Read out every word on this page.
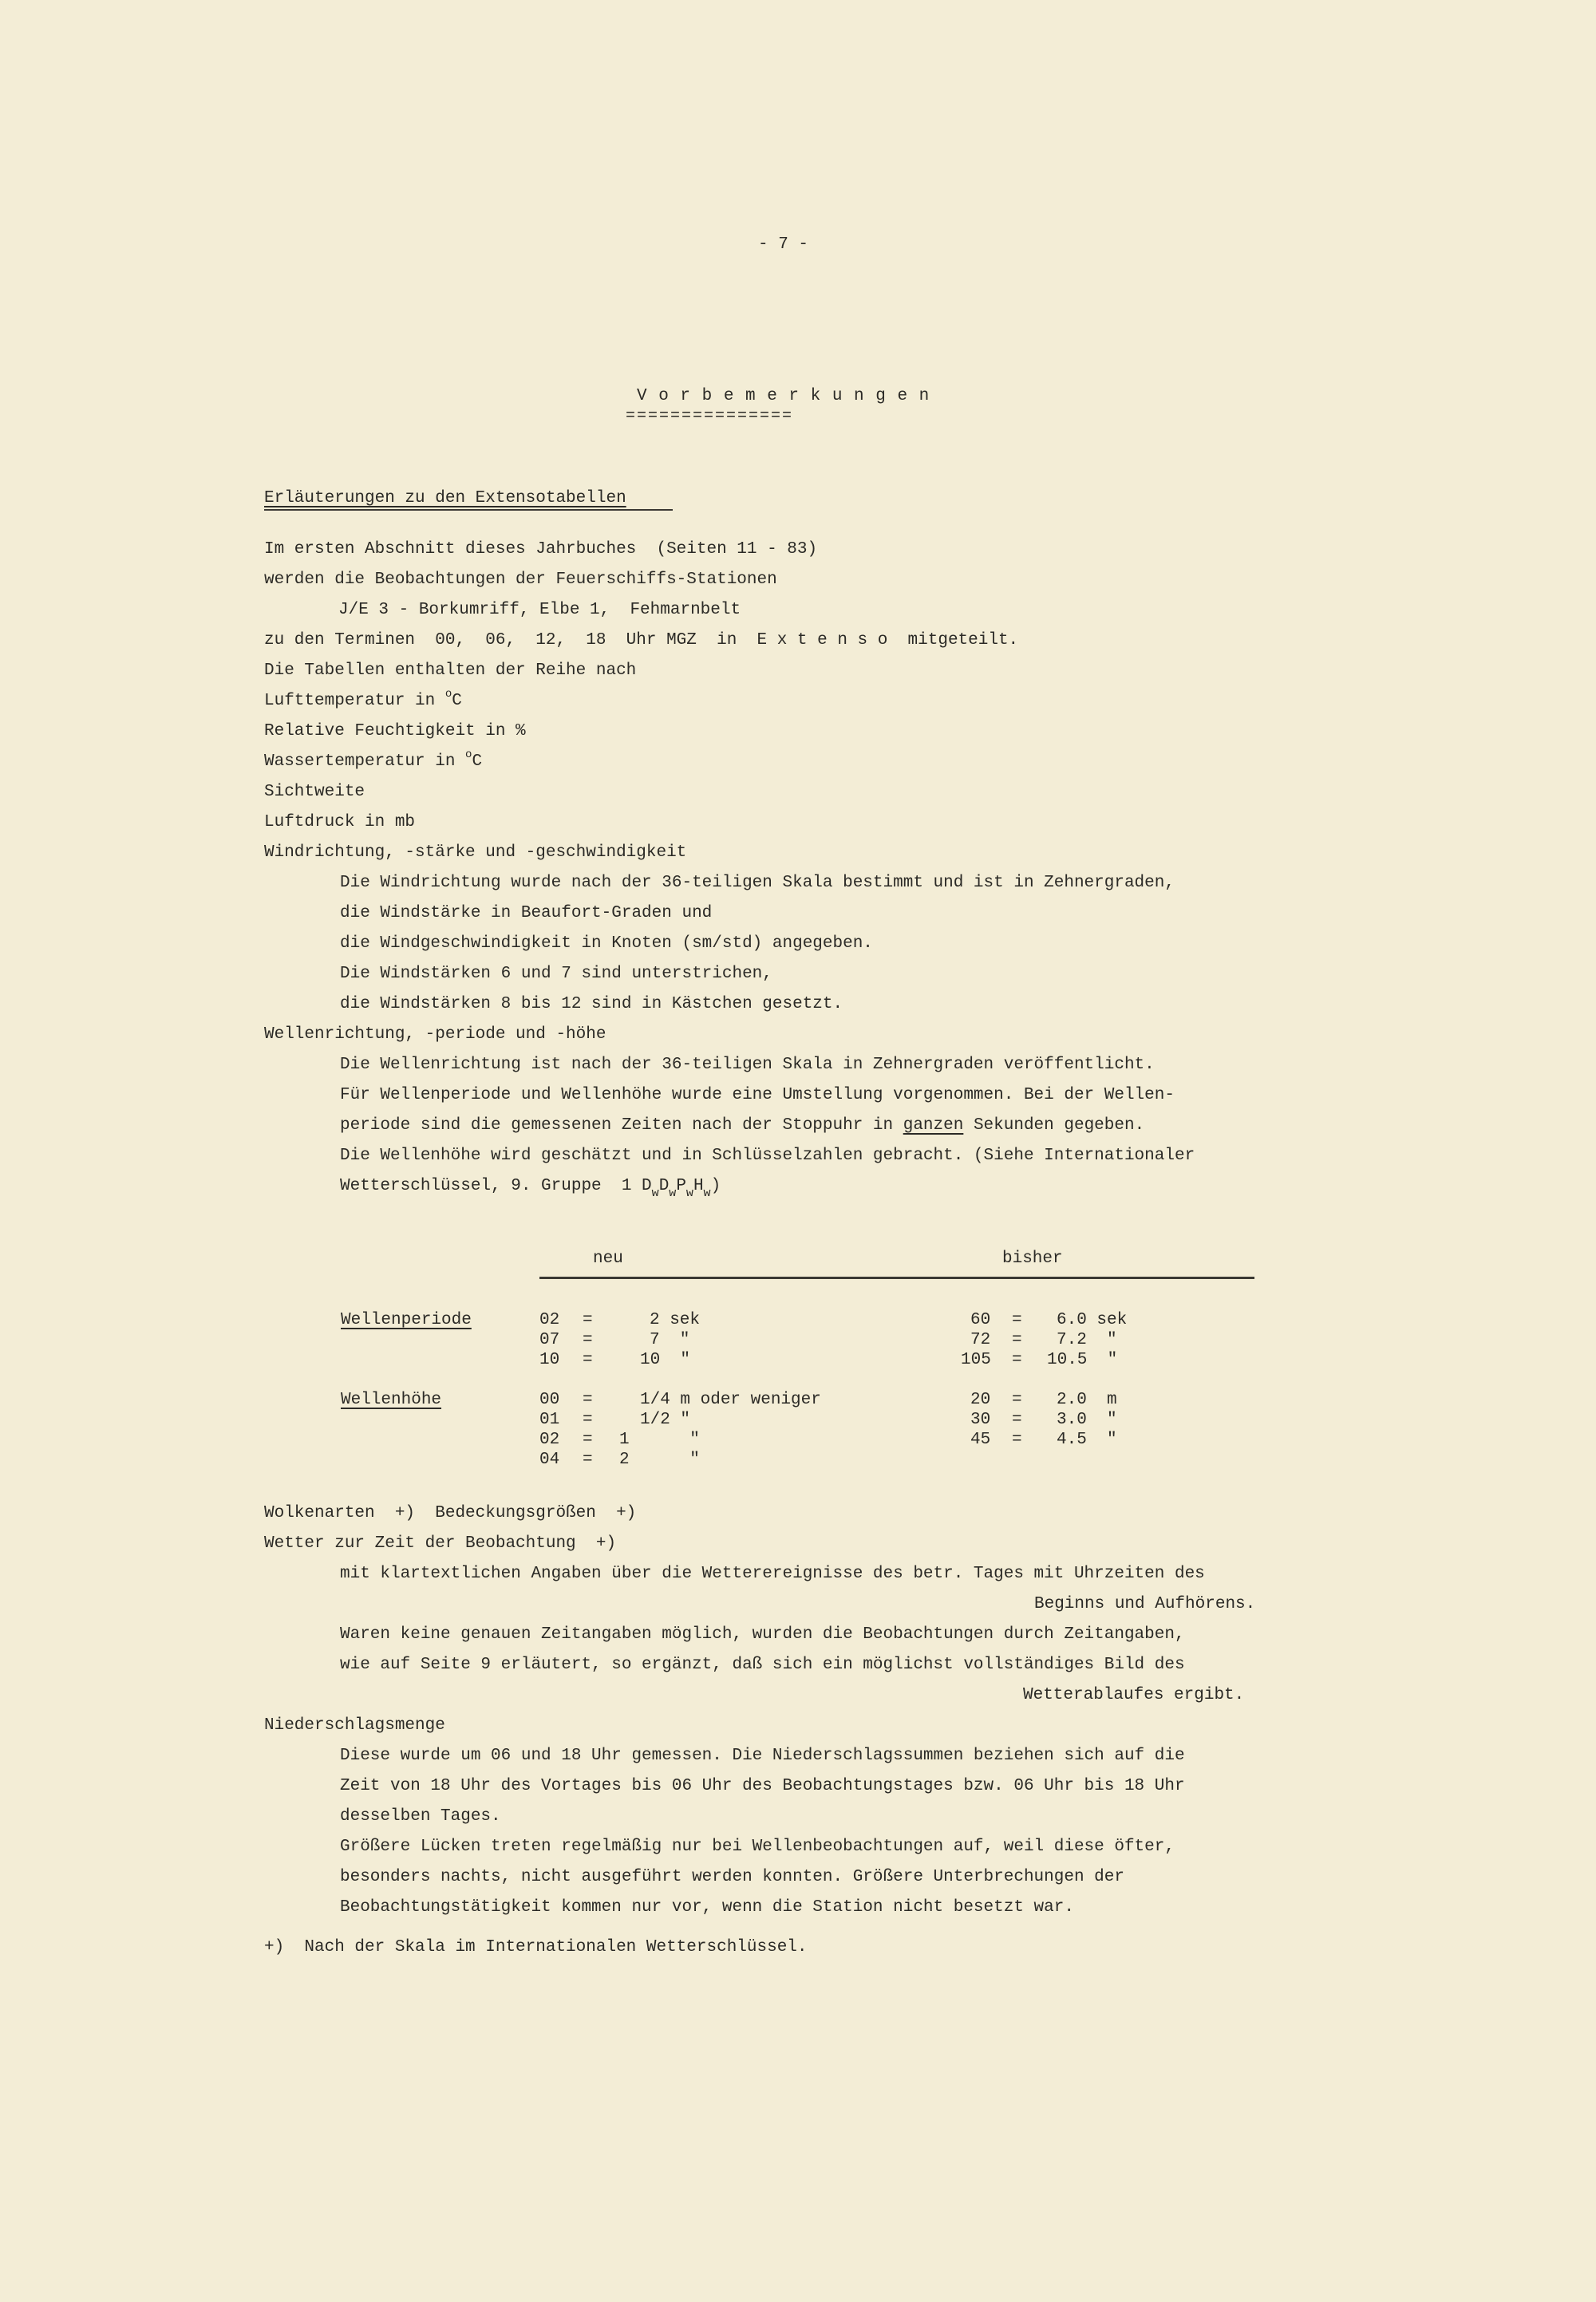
- 7 -
V o r b e m e r k u n g e n
===============
Erläuterungen zu den Extensotabellen
Im ersten Abschnitt dieses Jahrbuches  (Seiten 11 - 83)
werden die Beobachtungen der Feuerschiffs-Stationen
J/E 3 - Borkumriff, Elbe 1,  Fehmarnbelt
zu den Terminen  00,  06,  12,  18  Uhr MGZ  in  E x t e n s o  mitgeteilt.
Die Tabellen enthalten der Reihe nach
Lufttemperatur in $^o$C
Relative Feuchtigkeit in %
Wassertemperatur in $^o$C
Sichtweite
Luftdruck in mb
Windrichtung, -stärke und -geschwindigkeit
Die Windrichtung wurde nach der 36-teiligen Skala bestimmt und ist in Zehnergraden,
die Windstärke in Beaufort-Graden und
die Windgeschwindigkeit in Knoten (sm/std) angegeben.
Die Windstärken 6 und 7 sind unterstrichen,
die Windstärken 8 bis 12 sind in Kästchen gesetzt.
Wellenrichtung, -periode und -höhe
Die Wellenrichtung ist nach der 36-teiligen Skala in Zehnergraden veröffentlicht.
Für Wellenperiode und Wellenhöhe wurde eine Umstellung vorgenommen. Bei der Wellen-
periode sind die gemessenen Zeiten nach der Stoppuhr in ganzen Sekunden gegeben.
Die Wellenhöhe wird geschätzt und in Schlüsselzahlen gebracht. (Siehe Internationaler
Wetterschlüssel, 9. Gruppe  1 $D_wD_wP_wH_w$)
neu	bisher
Wellenperiode	02 =	2 sek	60 = 6.0 sek
07 =	7  "	72 = 7.2  "
10 =	10  "	105 = 10.5  "
Wellenhöhe	00 =	1/4 m oder weniger	20 = 2.0  m
01 =	1/2 "	30 = 3.0  "
02 = 1      "	45 = 4.5  "
04 = 2      "
Wolkenarten  +)  Bedeckungsgrößen  +)
Wetter zur Zeit der Beobachtung  +)
mit klartextlichen Angaben über die Wetterereignisse des betr. Tages mit Uhrzeiten des
Beginns und Aufhörens.
Waren keine genauen Zeitangaben möglich, wurden die Beobachtungen durch Zeitangaben,
wie auf Seite 9 erläutert, so ergänzt, daß sich ein möglichst vollständiges Bild des
Wetterablaufes ergibt.
Niederschlagsmenge
Diese wurde um 06 und 18 Uhr gemessen. Die Niederschlagssummen beziehen sich auf die
Zeit von 18 Uhr des Vortages bis 06 Uhr des Beobachtungstages bzw. 06 Uhr bis 18 Uhr
desselben Tages.
Größere Lücken treten regelmäßig nur bei Wellenbeobachtungen auf, weil diese öfter,
besonders nachts, nicht ausgeführt werden konnten. Größere Unterbrechungen der
Beobachtungstätigkeit kommen nur vor, wenn die Station nicht besetzt war.
+)  Nach der Skala im Internationalen Wetterschlüssel.
